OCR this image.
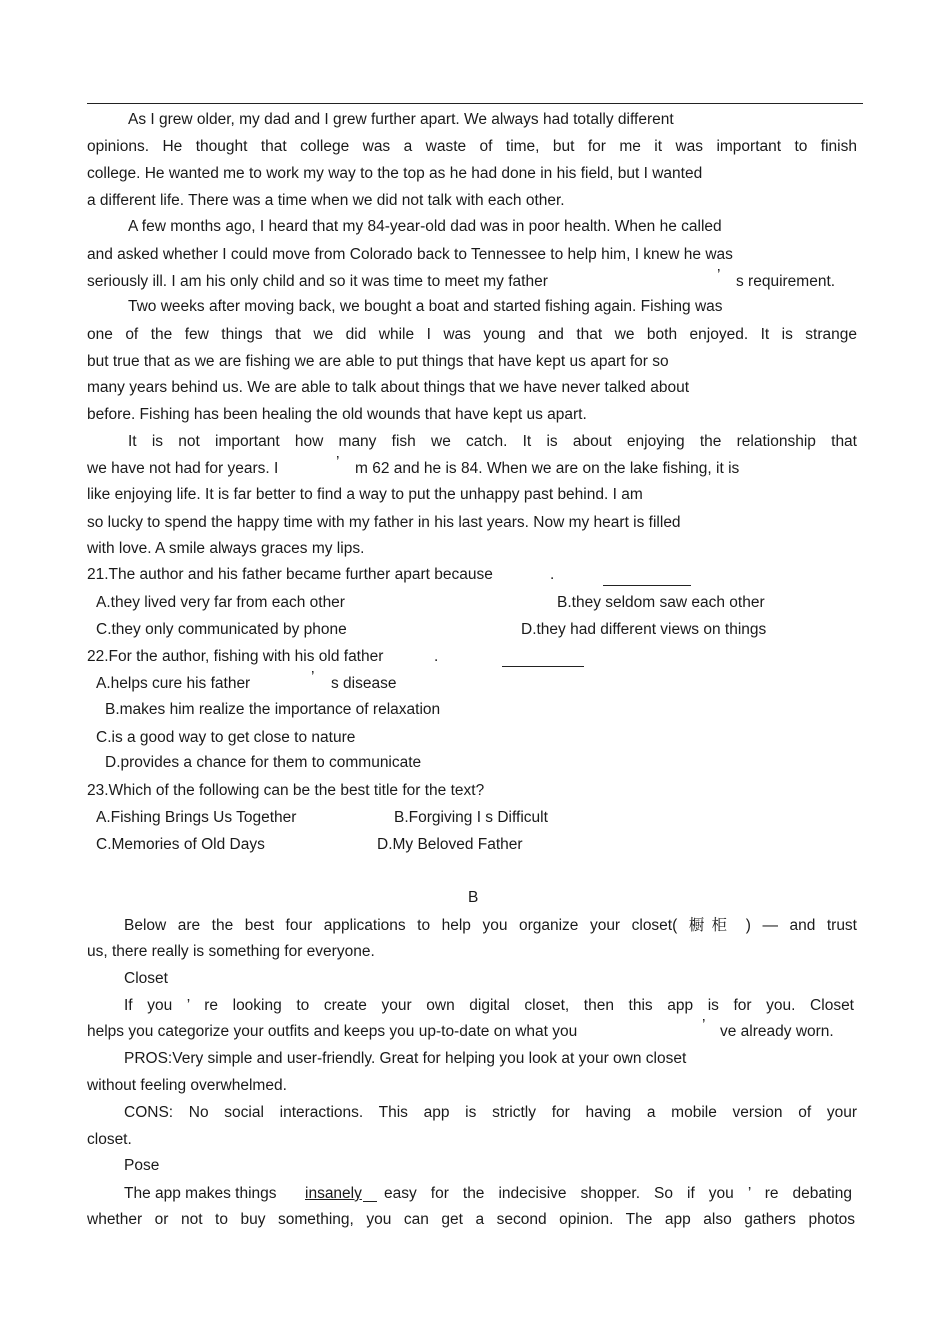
As I grew older, my dad and I grew further apart. We always had totally different
opinions. He thought that college was a waste of time, but for me it was important to finish
college. He wanted me to work my way to the top as he had done in his field, but I wanted
a different life. There was a time when we did not talk with each other.
A few months ago, I heard that my 84-year-old dad was in poor health. When he called
and asked whether I could move from Colorado back to Tennessee to help him, I knew he was
seriously ill. I am his only child and so it was time to meet my father	’ s requirement.
Two weeks after moving back, we bought a boat and started fishing again. Fishing was
one of the few things that we did while I was young and that we both enjoyed. It is strange
but true that as we are fishing we are able to put things that have kept us apart for so
many years behind us. We are able to talk about things that we have never talked about
before. Fishing has been healing the old wounds that have kept us apart.
It is not important how many fish we catch. It is about enjoying the relationship that
we have not had for years. I	’ m 62 and he is 84. When we are on the lake fishing, it is
like enjoying life. It is far better to find a way to put the unhappy past behind. I am
so lucky to spend the happy time with my father in his last years. Now my heart is filled
with love. A smile always graces my lips.
21.The author and his father became further apart because	.
A.they lived very far from each other	B.they seldom saw each other
C.they only communicated by phone	D.they had different views on things
22.For the author, fishing with his old father	.
A.helps cure his father	’ s disease
B.makes him realize the importance of relaxation
C.is a good way to get close to nature
D.provides a chance for them to communicate
23.Which of the following can be the best title for the text?
A.Fishing Brings Us Together	B.Forgiving I s Difficult
C.Memories of Old Days	D.My Beloved Father
B
Below are the best four applications to help you organize your closet( 橱柜 ) — and trust
us, there really is something for everyone.
Closet
If you ’ re looking to create your own digital closet, then this app is for you. Closet
helps you categorize your outfits and keeps you up-to-date on what you	’ ve already worn.
PROS:Very simple and user-friendly. Great for helping you look at your own closet
without feeling overwhelmed.
CONS: No social interactions. This app is strictly for having a mobile version of your
closet.
Pose
The app makes things insanely easy for the indecisive shopper. So if you ’ re debating
whether or not to buy something, you can get a second opinion. The app also gathers photos
